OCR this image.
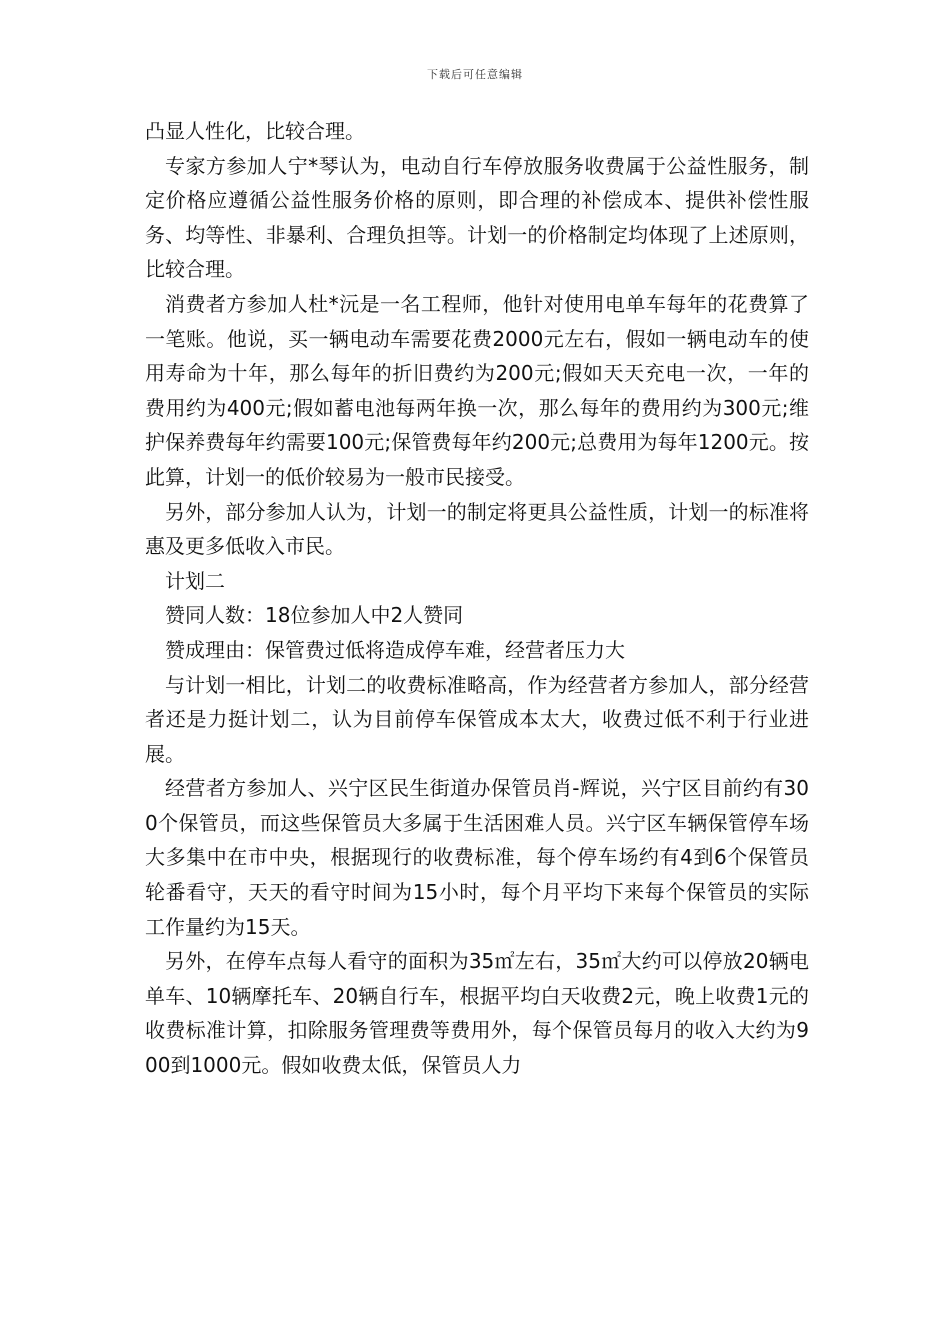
下载后可任意编辑

凸显人性化，比较合理。

专家方参加人宁*琴认为，电动自行车停放服务收费属于公益性服务，制定价格应遵循公益性服务价格的原则，即合理的补偿成本、提供补偿性服务、均等性、非暴利、合理负担等。计划一的价格制定均体现了上述原则，比较合理。

消费者方参加人杜*沅是一名工程师，他针对使用电单车每年的花费算了一笔账。他说，买一辆电动车需要花费2000元左右，假如一辆电动车的使用寿命为十年，那么每年的折旧费约为200元;假如天天充电一次，一年的费用约为400元;假如蓄电池每两年换一次，那么每年的费用约为300元;维护保养费每年约需要100元;保管费每年约200元;总费用为每年1200元。按此算，计划一的低价较易为一般市民接受。

另外，部分参加人认为，计划一的制定将更具公益性质，计划一的标准将惠及更多低收入市民。

计划二

赞同人数：18位参加人中2人赞同

赞成理由：保管费过低将造成停车难，经营者压力大

与计划一相比，计划二的收费标准略高，作为经营者方参加人，部分经营者还是力挺计划二，认为目前停车保管成本太大，收费过低不利于行业进展。

经营者方参加人、兴宁区民生街道办保管员肖-辉说，兴宁区目前约有300个保管员，而这些保管员大多属于生活困难人员。兴宁区车辆保管停车场大多集中在市中央，根据现行的收费标准，每个停车场约有4到6个保管员轮番看守，天天的看守时间为15小时，每个月平均下来每个保管员的实际工作量约为15天。

另外，在停车点每人看守的面积为35㎡左右，35㎡大约可以停放20辆电单车、10辆摩托车、20辆自行车，根据平均白天收费2元，晚上收费1元的收费标准计算，扣除服务管理费等费用外，每个保管员每月的收入大约为900到1000元。假如收费太低，保管员人力
